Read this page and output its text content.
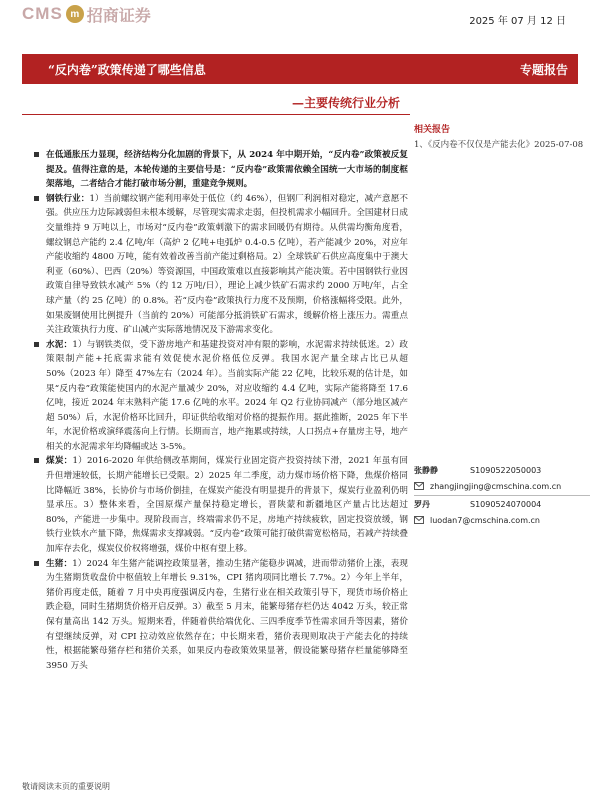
CMS m 招商证券	2025 年 07 月 12 日
“反内卷”政策传递了哪些信息	专题报告
—主要传统行业分析
相关报告
1、《反内卷不仅仅是产能去化》2025-07-08
在低通胀压力显现，经济结构分化加剧的背景下，从 2024 年中期开始，“反内卷”政策被反复提及。值得注意的是，本轮传递的主要信号是：“反内卷”政策需依赖全国统一大市场的制度框架落地，二者结合才能打破市场分割，重建竞争规则。
钢铁行业：1）当前螺纹钢产能利用率处于低位（约 46%），但钢厂利润相对稳定，减产意愿不强。供应压力边际减弱但未根本缓解，尽管现实需求走弱，但投机需求小幅回升。全国建材日成交量维持 9 万吨以上，市场对“反内卷”政策刺激下的需求回暖仍有期待。从供需均衡角度看，螺纹钢总产能约 2.4 亿吨/年（高炉 2 亿吨+电弧炉 0.4-0.5 亿吨），若产能减少 20%，对应年产能收缩约 4800 万吨，能有效着改善当前产能过剩格局。2）全球铁矿石供应高度集中于澳大利亚（60%）、巴西（20%）等资源国，中国政策难以直接影响其产能决策。若中国钢铁行业因政策自律导致铁水减产 5%（约 12 万吨/日），理论上减少铁矿石需求约 2000 万吨/年，占全球产量（约 25 亿吨）的 0.8%。若“反内卷”政策执行力度不及预期，价格涨幅将受限。此外，如果废钢使用比例提升（当前约 20%）可能部分抵消铁矿石需求，缓解价格上涨压力。需重点关注政策执行力度、矿山减产实际落地情况及下游需求变化。
水泥：1）与钢铁类似，受下游房地产和基建投资对冲有限的影响，水泥需求持续低迷。2）政策限制产能+托底需求能有效促使水泥价格低位反弹。我国水泥产量全球占比已从超 50%（2023 年）降至 47%左右（2024 年）。当前实际产能 22 亿吨，比较乐观的估计是，如果“反内卷”政策能使国内的水泥产量减少 20%，对应收缩约 4.4 亿吨，实际产能将降至 17.6 亿吨，接近 2024 年末熟料产能 17.6 亿吨的水平。2024 年 Q2 行业协同减产（部分地区减产超 50%）后，水泥价格环比回升，印证供给收缩对价格的提振作用。据此推断，2025 年下半年，水泥价格或演绎震荡向上行情。长期而言，地产拖累或持续，人口拐点+存量房主导，地产相关的水泥需求年均降幅或达 3-5%。
煤炭：1）2016-2020 年供给侧改革期间，煤炭行业固定资产投资持续下滑，2021 年虽有回升但增速较低，长期产能增长已受限。2）2025 年二季度，动力煤市场价格下降，焦煤价格同比降幅近 38%，长协价与市场价倒挂，在煤炭产能没有明显提升的背景下，煤炭行业盈利仍明显承压。3）整体来看，全国原煤产量保持稳定增长，晋陕蒙和新疆地区产量占比达超过 80%，产能进一步集中。现阶段而言，终端需求仍不足，房地产持续疲软，固定投资放缓，钢铁行业铁水产量下降，焦煤需求支撑减弱。“反内卷”政策可能打破供需宽松格局，若减产持续叠加库存去化，煤炭仪价权将增强，煤价中枢有望上移。
生猪：1）2024 年生猪产能调控政策显著，推动生猪产能稳步调减，进而带动猪价上涨，表现为生猪期货收盘价中枢值较上年增长 9.31%，CPI 猪肉项同比增长 7.7%。2）今年上半年，猪价再度走低，随着 7 月中央再度强调反内卷，生猪行业在相关政策引导下，现货市场价格止跌企稳，同时生猪期货价格开启反弹。3）截至 5 月末，能繁母猪存栏仍达 4042 万头，较正常保有量高出 142 万头。短期来看，伴随着供给端优化、三四季度季节性需求回升等因素，猪价有望继续反弹，对 CPI 拉动效应依然存在；中长期来看，猪价表现则取决于产能去化的持续性，根据能繁母猪存栏和猪价关系，如果反内卷政策效果显著，假设能繁母猪存栏量能够降至 3950 万头
张静静	S1090522050003
zhangjingjing@cmschina.com.cn
罗丹	S1090524070004
luodan7@cmschina.com.cn
敬请阅读末页的重要说明
